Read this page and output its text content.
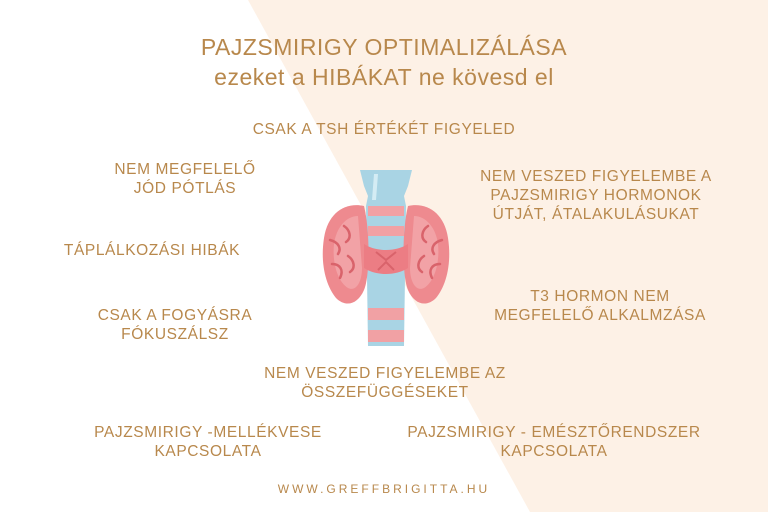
PAJZSMIRIGY OPTIMALIZÁLÁSA
ezeket a HIBÁKAT ne kövesd el
CSAK A TSH ÉRTÉKÉT FIGYELED
NEM MEGFELELŐ
JÓD PÓTLÁS
NEM VESZED FIGYELEMBE A
PAJZSMIRIGY HORMONOK
ÚTJÁT, ÁTALAKULÁSUKAT
TÁPLÁLKOZÁSI HIBÁK
CSAK A FOGYÁSRA
FÓKUSZÁLSZ
T3 HORMON NEM
MEGFELELŐ ALKALMZÁSA
NEM VESZED FIGYELEMBE AZ
ÖSSZEFÜGGÉSEKET
PAJZSMIRIGY -MELLÉKVESE
KAPCSOLATA
PAJZSMIRIGY - EMÉSZTŐRENDSZER
KAPCSOLATA
WWW.GREFFBRIGITTA.HU
